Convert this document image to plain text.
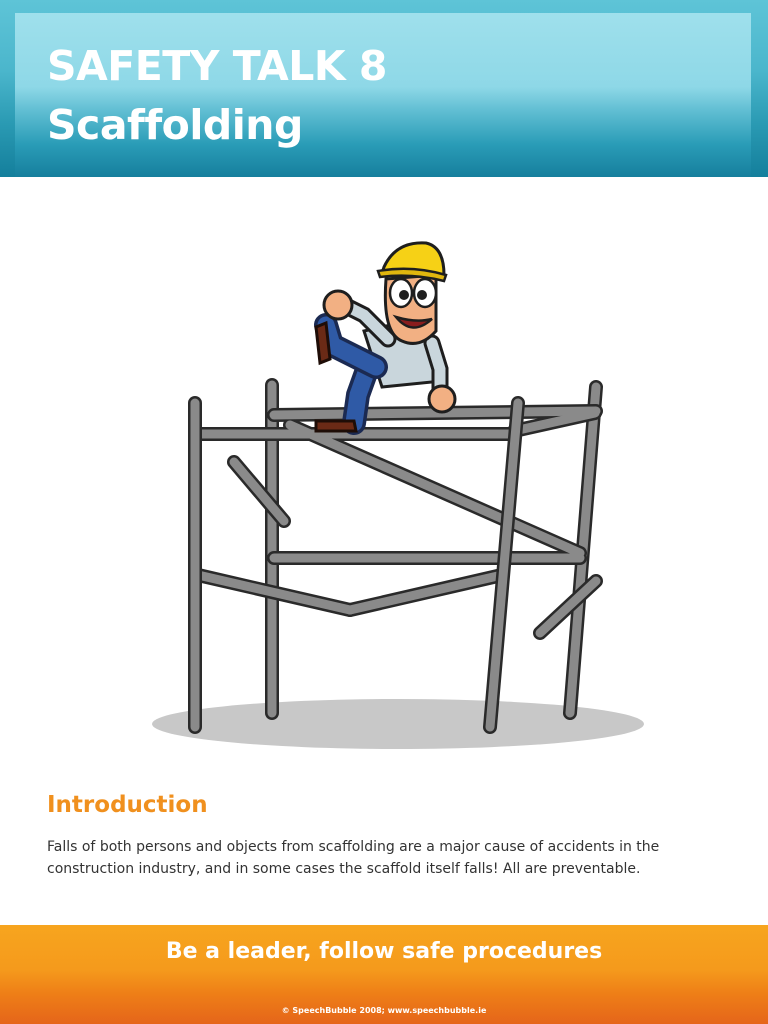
SAFETY TALK 8
Scaffolding
Introduction
Falls of both persons and objects from scaffolding are a major cause of accidents in the construction industry, and in some cases the scaffold itself falls! All are preventable.
Be a leader, follow safe procedures
© SpeechBubble 2008; www.speechbubble.ie
